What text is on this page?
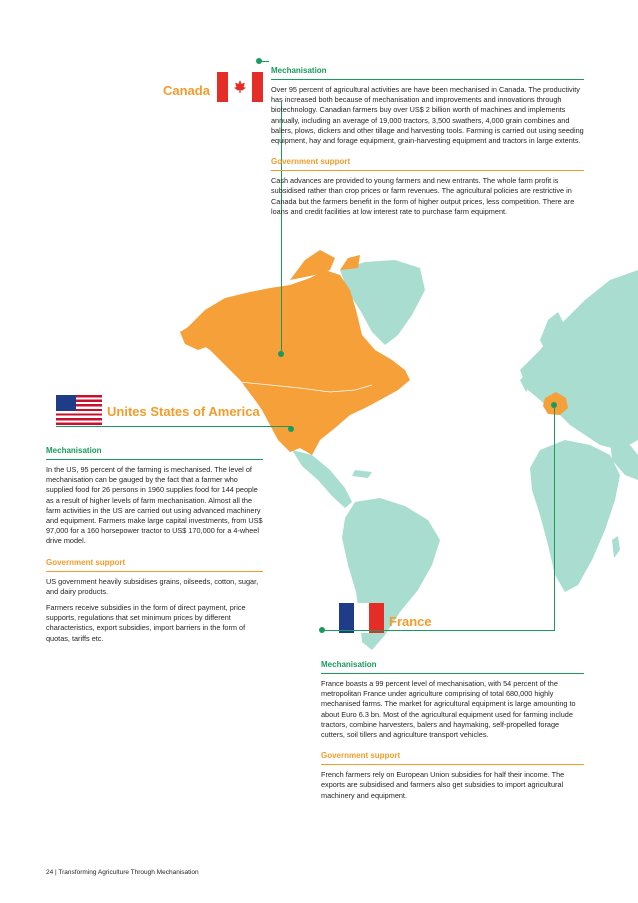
Canada
Mechanisation
Over 95 percent of agricultural activities are have been mechanised in Canada. The productivity has increased both because of mechanisation and improvements and innovations through biotechnology. Canadian farmers buy over US$ 2 billion worth of machines and implements annually, including an average of 19,000 tractors, 3,500 swathers, 4,000 grain combines and balers, plows, dickers and other tillage and harvesting tools. Farming is carried out using seeding equipment, hay and forage equipment, grain-harvesting equipment and tractors in large extents.
Government support
Cash advances are provided to young farmers and new entrants. The whole farm profit is subsidised rather than crop prices or farm revenues. The agricultural policies are restrictive in Canada but the farmers benefit in the form of higher output prices, less competition. There are loans and credit facilities at low interest rate to purchase farm equipment.
Unites States of America
Mechanisation
In the US, 95 percent of the farming is mechanised. The level of mechanisation can be gauged by the fact that a farmer who supplied food for 26 persons in 1960 supplies food for 144 people as a result of higher levels of farm mechanisation. Almost all the farm activities in the US are carried out using advanced machinery and equipment. Farmers make large capital investments, from US$ 97,000 for a 160 horsepower tractor to US$ 170,000 for a 4-wheel drive model.
Government support

US government heavily subsidises grains, oilseeds, cotton, sugar, and dairy products.

Farmers receive subsidies in the form of direct payment, price supports, regulations that set minimum prices by different characteristics, export subsidies, import barriers in the form of quotas, tariffs etc.

France
Mechanisation
France boasts a 99 percent level of mechanisation, with 54 percent of the metropolitan France under agriculture comprising of total 680,000 highly mechanised farms. The market for agricultural equipment is large amounting to about Euro 6.3 bn. Most of the agricultural equipment used for farming include tractors, combine harvesters, balers and haymaking, self-propelled forage cutters, soil tillers and agriculture transport vehicles.
Government support
French farmers rely on European Union subsidies for half their income. The exports are subsidised and farmers also get subsidies to import agricultural machinery and equipment.
24 | Transforming Agriculture Through Mechanisation
